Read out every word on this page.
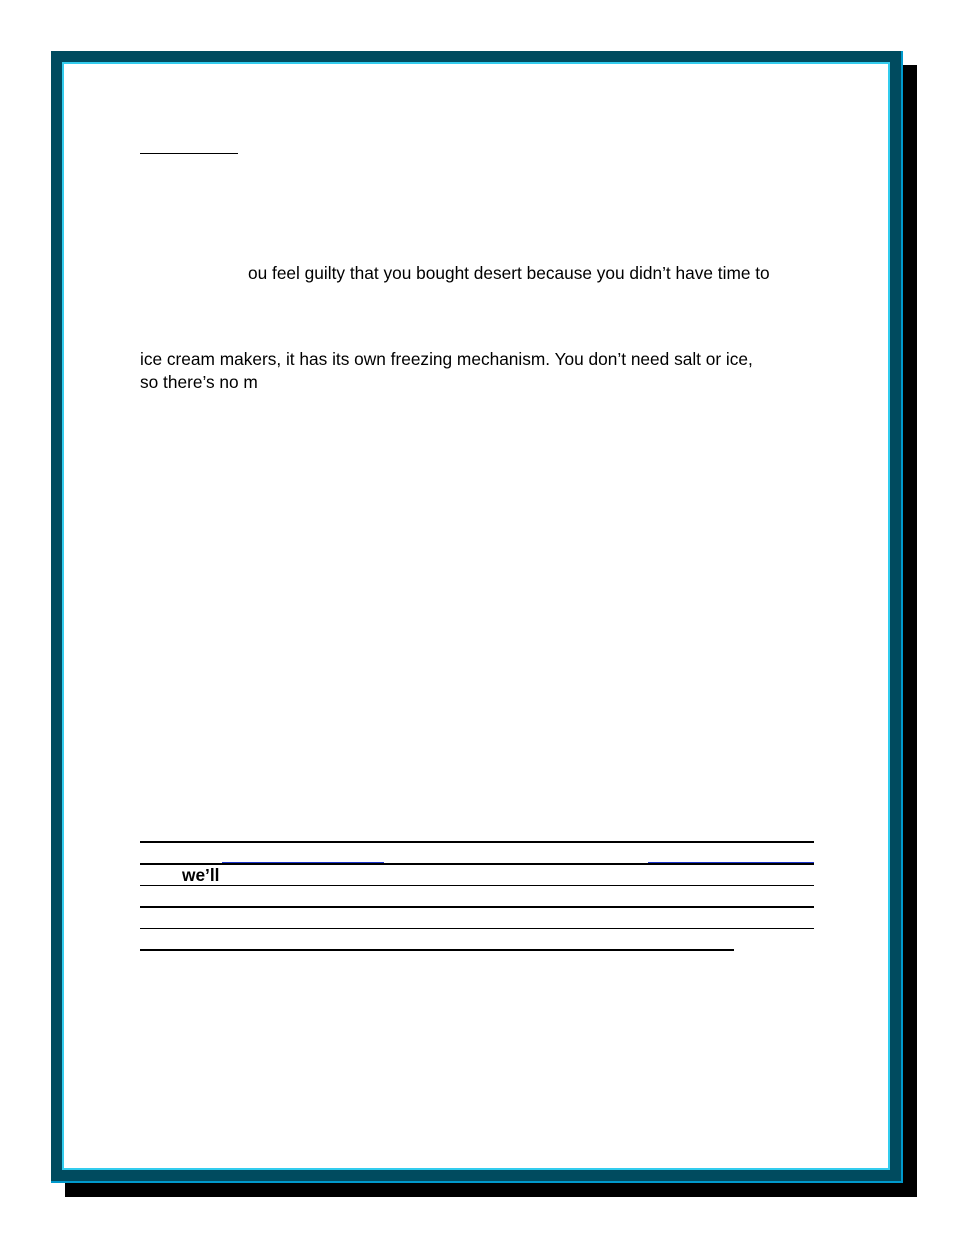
ou feel guilty that you bought desert because you didn’t have time to

ice cream makers, it has its own freezing mechanism. You don’t need salt or ice,

so there’s no m

we’ll
